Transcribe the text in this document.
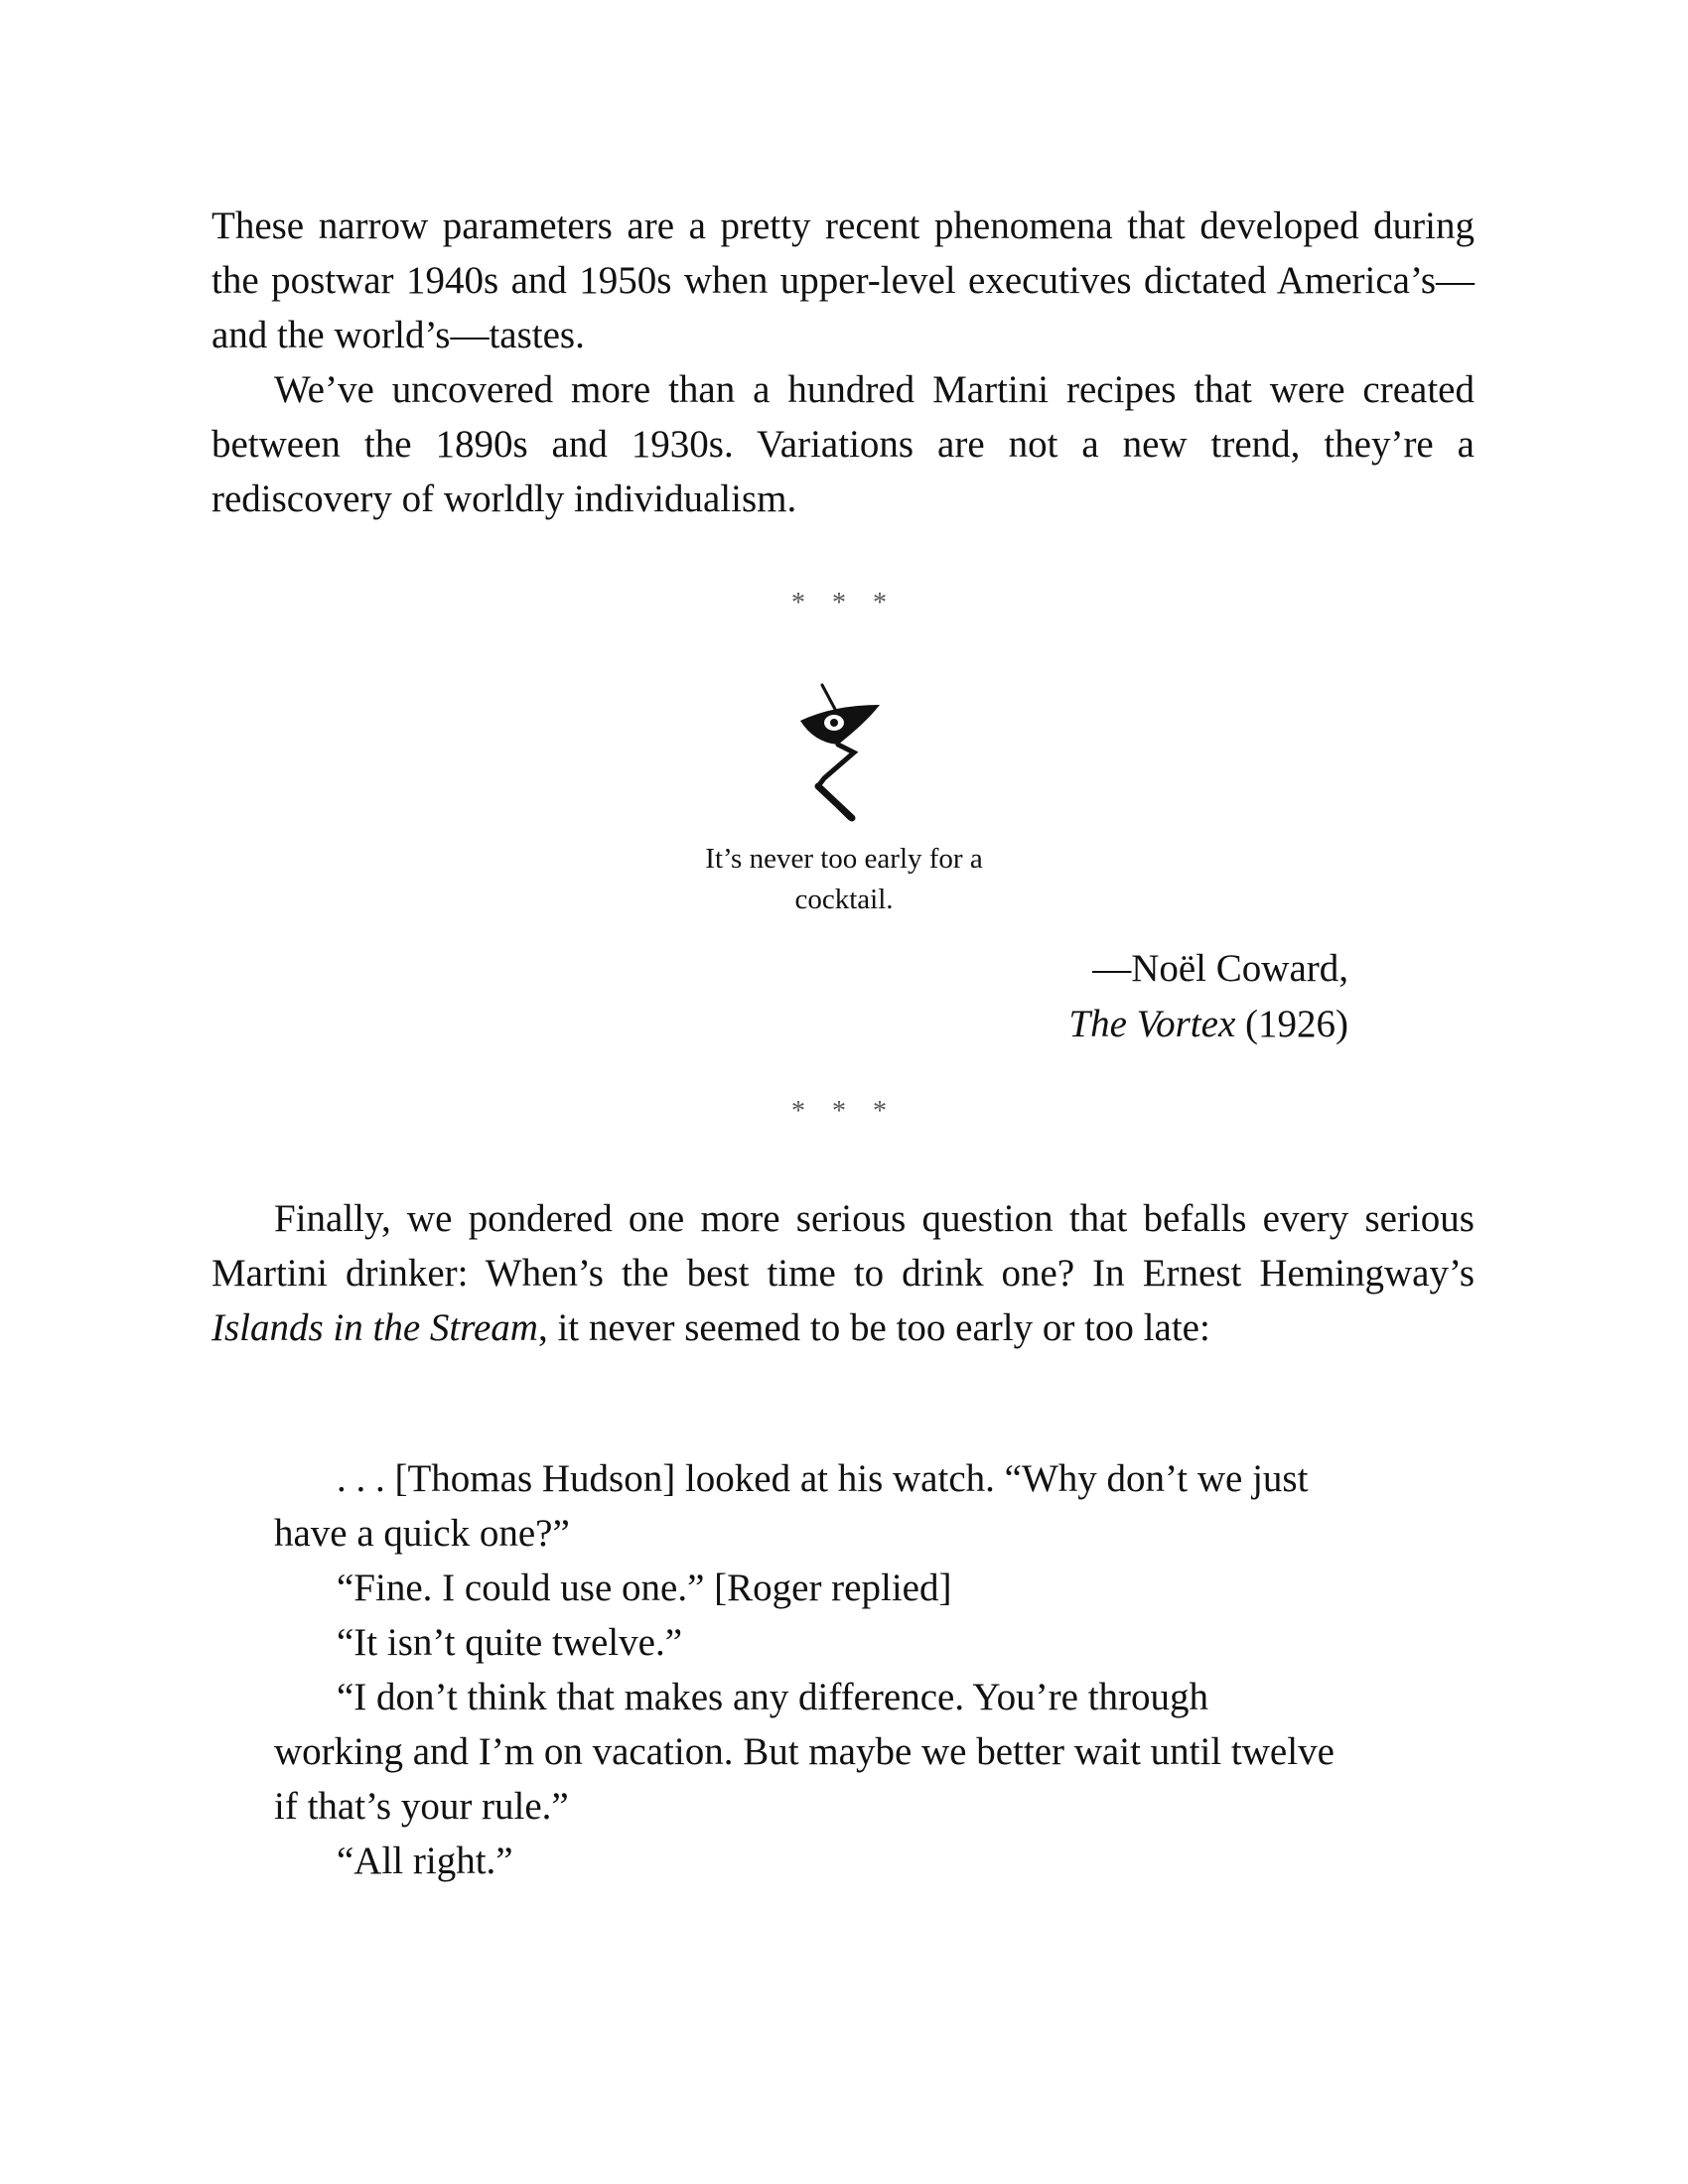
These narrow parameters are a pretty recent phenomena that developed during the postwar 1940s and 1950s when upper-level executives dictated America’s—and the world’s—tastes.

We’ve uncovered more than a hundred Martini recipes that were created between the 1890s and 1930s. Variations are not a new trend, they’re a rediscovery of worldly individualism.

* * *

It’s never too early for a
cocktail.
—Noël Coward,
The Vortex (1926)

* * *

Finally, we pondered one more serious question that befalls every serious Martini drinker: When’s the best time to drink one? In Ernest Hemingway’s Islands in the Stream, it never seemed to be too early or too late:

. . . [Thomas Hudson] looked at his watch. “Why don’t we just
have a quick one?”

“Fine. I could use one.” [Roger replied]

“It isn’t quite twelve.”

“I don’t think that makes any difference. You’re through
working and I’m on vacation. But maybe we better wait until twelve
if that’s your rule.”

“All right.”
